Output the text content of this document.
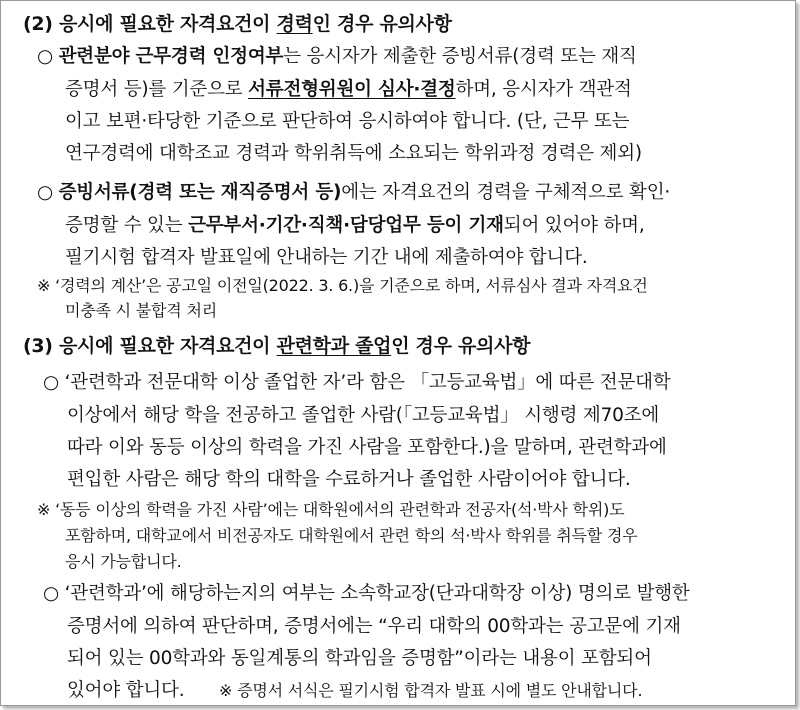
(2) 응시에 필요한 자격요건이 경력인 경우 유의사항
○ 관련분야 근무경력 인정여부는 응시자가 제출한 증빙서류(경력 또는 재직
증명서 등)를 기준으로 서류전형위원이 심사·결정하며, 응시자가 객관적
이고 보편·타당한 기준으로 판단하여 응시하여야 합니다. (단, 근무 또는
연구경력에 대학조교 경력과 학위취득에 소요되는 학위과정 경력은 제외)
○ 증빙서류(경력 또는 재직증명서 등)에는 자격요건의 경력을 구체적으로 확인·
증명할 수 있는 근무부서·기간·직책·담당업무 등이 기재되어 있어야 하며,
필기시험 합격자 발표일에 안내하는 기간 내에 제출하여야 합니다.
※ ‘경력의 계산’은 공고일 이전일(2022. 3. 6.)을 기준으로 하며, 서류심사 결과 자격요건
미충족 시 불합격 처리
(3) 응시에 필요한 자격요건이 관련학과 졸업인 경우 유의사항
○ ‘관련학과 전문대학 이상 졸업한 자’라 함은 「고등교육법」에 따른 전문대학
이상에서 해당 학을 전공하고 졸업한 사람(「고등교육법」 시행령 제70조에
따라 이와 동등 이상의 학력을 가진 사람을 포함한다.)을 말하며, 관련학과에
편입한 사람은 해당 학의 대학을 수료하거나 졸업한 사람이어야 합니다.
※ ‘동등 이상의 학력을 가진 사람’에는 대학원에서의 관련학과 전공자(석·박사 학위)도
포함하며, 대학교에서 비전공자도 대학원에서 관련 학의 석·박사 학위를 취득할 경우
응시 가능합니다.
○ ‘관련학과’에 해당하는지의 여부는 소속학교장(단과대학장 이상) 명의로 발행한
증명서에 의하여 판단하며, 증명서에는 “우리 대학의 00학과는 공고문에 기재
되어 있는 00학과와 동일계통의 학과임을 증명함”이라는 내용이 포함되어
있어야 합니다.	※ 증명서 서식은 필기시험 합격자 발표 시에 별도 안내합니다.
